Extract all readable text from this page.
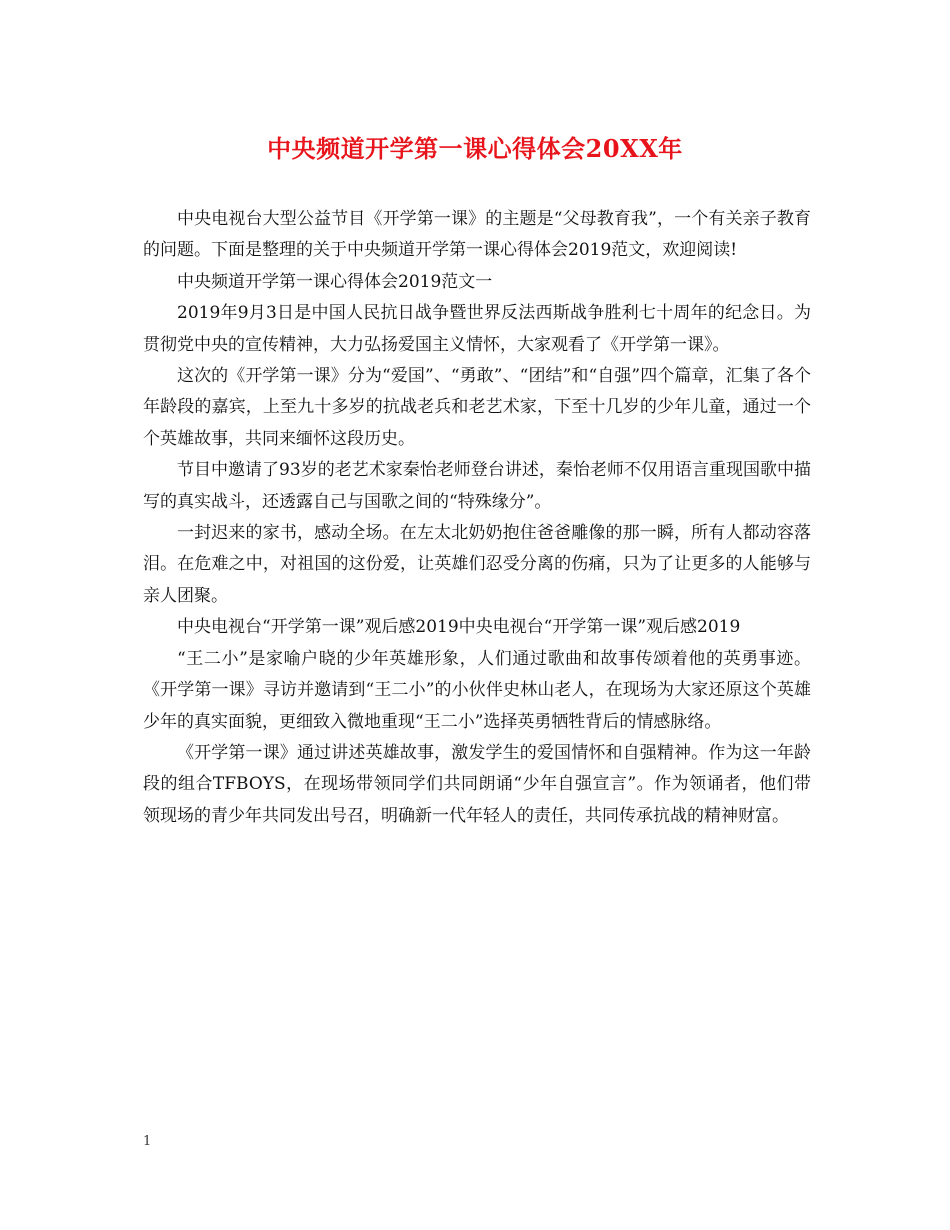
中央频道开学第一课心得体会20XX年

中央电视台大型公益节目《开学第一课》的主题是“父母教育我”，一个有关亲子教育的问题。下面是整理的关于中央频道开学第一课心得体会2019范文，欢迎阅读!

中央频道开学第一课心得体会2019范文一

2019年9月3日是中国人民抗日战争暨世界反法西斯战争胜利七十周年的纪念日。为贯彻党中央的宣传精神，大力弘扬爱国主义情怀，大家观看了《开学第一课》。

这次的《开学第一课》分为“爱国”、“勇敢”、“团结”和“自强”四个篇章，汇集了各个年龄段的嘉宾，上至九十多岁的抗战老兵和老艺术家，下至十几岁的少年儿童，通过一个个英雄故事，共同来缅怀这段历史。

节目中邀请了93岁的老艺术家秦怡老师登台讲述，秦怡老师不仅用语言重现国歌中描写的真实战斗，还透露自己与国歌之间的“特殊缘分”。

一封迟来的家书，感动全场。在左太北奶奶抱住爸爸雕像的那一瞬，所有人都动容落泪。在危难之中，对祖国的这份爱，让英雄们忍受分离的伤痛，只为了让更多的人能够与亲人团聚。

中央电视台“开学第一课”观后感2019中央电视台“开学第一课”观后感2019

“王二小”是家喻户晓的少年英雄形象，人们通过歌曲和故事传颂着他的英勇事迹。《开学第一课》寻访并邀请到“王二小”的小伙伴史林山老人，在现场为大家还原这个英雄少年的真实面貌，更细致入微地重现“王二小”选择英勇牺牲背后的情感脉络。

《开学第一课》通过讲述英雄故事，激发学生的爱国情怀和自强精神。作为这一年龄段的组合TFBOYS，在现场带领同学们共同朗诵“少年自强宣言”。作为领诵者，他们带领现场的青少年共同发出号召，明确新一代年轻人的责任，共同传承抗战的精神财富。

1
